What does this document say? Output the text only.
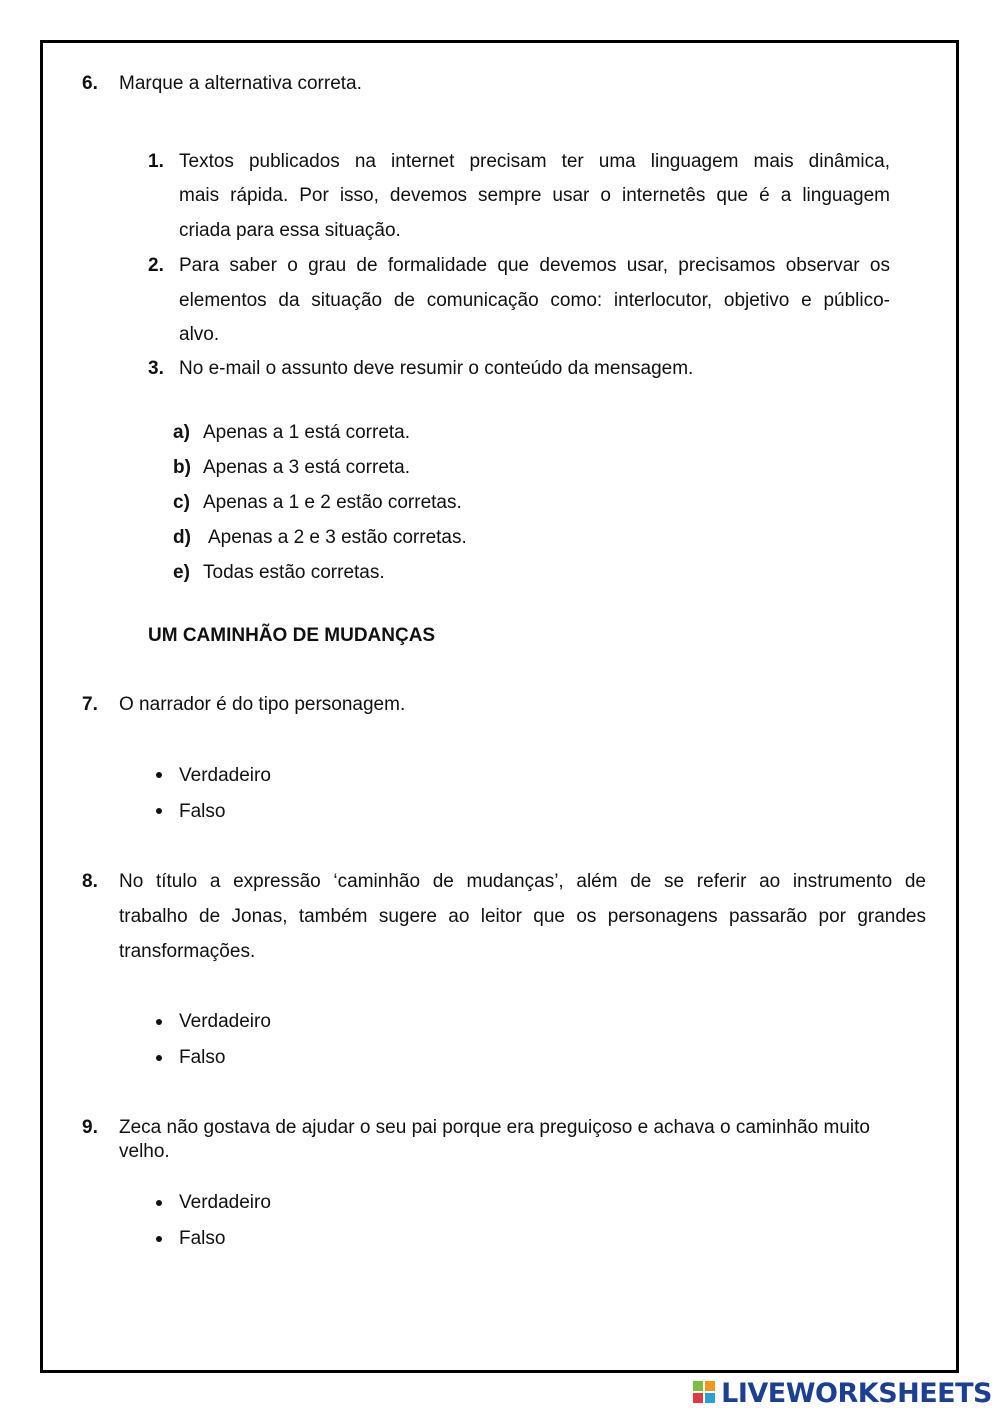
6. Marque a alternativa correta.
1. Textos publicados na internet precisam ter uma linguagem mais dinâmica,
mais rápida. Por isso, devemos sempre usar o internetês que é a linguagem
criada para essa situação.
2. Para saber o grau de formalidade que devemos usar, precisamos observar os
elementos da situação de comunicação como: interlocutor, objetivo e público-
alvo.
3. No e-mail o assunto deve resumir o conteúdo da mensagem.
a) Apenas a 1 está correta.
b) Apenas a 3 está correta.
c) Apenas a 1 e 2 estão corretas.
d) Apenas a 2 e 3 estão corretas.
e) Todas estão corretas.
UM CAMINHÃO DE MUDANÇAS
7. O narrador é do tipo personagem.
Verdadeiro
Falso
8. No título a expressão ‘caminhão de mudanças’, além de se referir ao instrumento de
trabalho de Jonas, também sugere ao leitor que os personagens passarão por grandes
transformações.
Verdadeiro
Falso
9. Zeca não gostava de ajudar o seu pai porque era preguiçoso e achava o caminhão muito
velho.
Verdadeiro
Falso
LIVEWORKSHEETS
